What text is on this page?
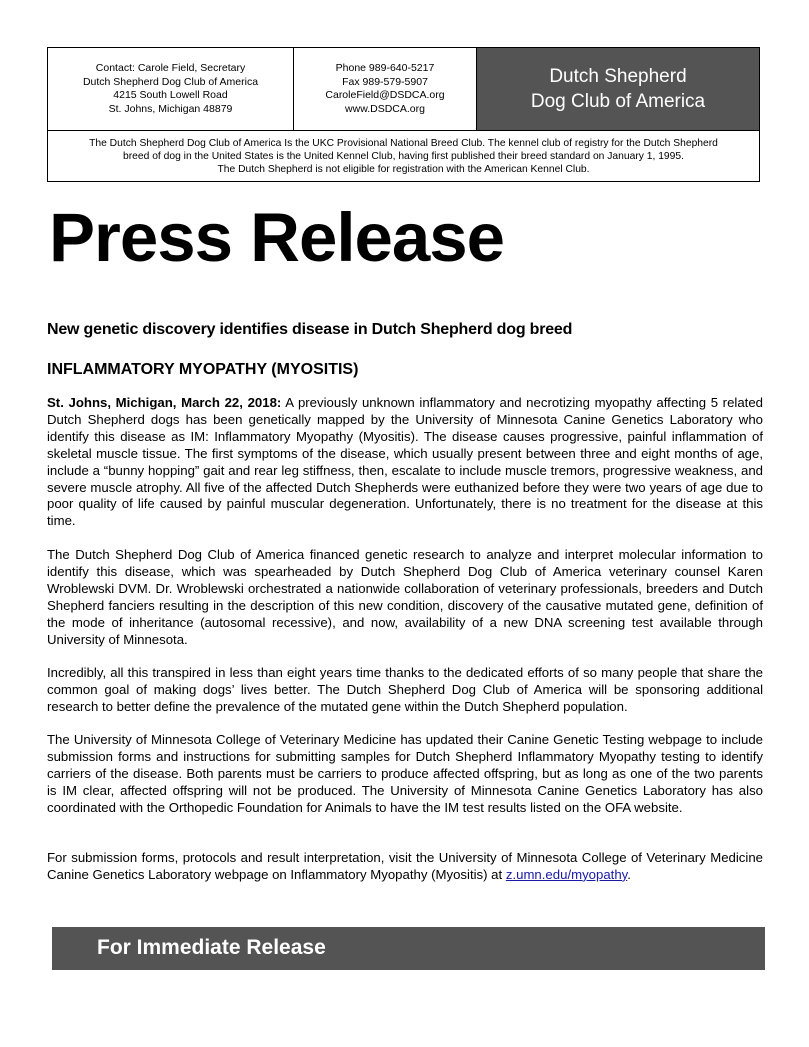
Contact: Carole Field, Secretary
Dutch Shepherd Dog Club of America
4215 South Lowell Road
St. Johns, Michigan 48879
Phone 989-640-5217
Fax 989-579-5907
CaroleField@DSDCA.org
www.DSDCA.org
Dutch Shepherd
Dog Club of America
The Dutch Shepherd Dog Club of America Is the UKC Provisional National Breed Club. The kennel club of registry for the Dutch Shepherd
breed of dog in the United States is the United Kennel Club, having first published their breed standard on January 1, 1995.
The Dutch Shepherd is not eligible for registration with the American Kennel Club.
Press Release
New genetic discovery identifies disease in Dutch Shepherd dog breed
INFLAMMATORY MYOPATHY (MYOSITIS)
St. Johns, Michigan, March 22, 2018: A previously unknown inflammatory and necrotizing myopathy affecting 5 related Dutch Shepherd dogs has been genetically mapped by the University of Minnesota Canine Genetics Laboratory who identify this disease as IM: Inflammatory Myopathy (Myositis). The disease causes progressive, painful inflammation of skeletal muscle tissue. The first symptoms of the disease, which usually present between three and eight months of age, include a “bunny hopping” gait and rear leg stiffness, then, escalate to include muscle tremors, progressive weakness, and severe muscle atrophy. All five of the affected Dutch Shepherds were euthanized before they were two years of age due to poor quality of life caused by painful muscular degeneration. Unfortunately, there is no treatment for the disease at this time.
The Dutch Shepherd Dog Club of America financed genetic research to analyze and interpret molecular information to identify this disease, which was spearheaded by Dutch Shepherd Dog Club of America veterinary counsel Karen Wroblewski DVM. Dr. Wroblewski orchestrated a nationwide collaboration of veterinary professionals, breeders and Dutch Shepherd fanciers resulting in the description of this new condition, discovery of the causative mutated gene, definition of the mode of inheritance (autosomal recessive), and now, availability of a new DNA screening test available through University of Minnesota.
Incredibly, all this transpired in less than eight years time thanks to the dedicated efforts of so many people that share the common goal of making dogs’ lives better. The Dutch Shepherd Dog Club of America will be sponsoring additional research to better define the prevalence of the mutated gene within the Dutch Shepherd population.
The University of Minnesota College of Veterinary Medicine has updated their Canine Genetic Testing webpage to include submission forms and instructions for submitting samples for Dutch Shepherd Inflammatory Myopathy testing to identify carriers of the disease. Both parents must be carriers to produce affected offspring, but as long as one of the two parents is IM clear, affected offspring will not be produced. The University of Minnesota Canine Genetics Laboratory has also coordinated with the Orthopedic Foundation for Animals to have the IM test results listed on the OFA website.
For submission forms, protocols and result interpretation, visit the University of Minnesota College of Veterinary Medicine Canine Genetics Laboratory webpage on Inflammatory Myopathy (Myositis) at z.umn.edu/myopathy.
For Immediate Release
